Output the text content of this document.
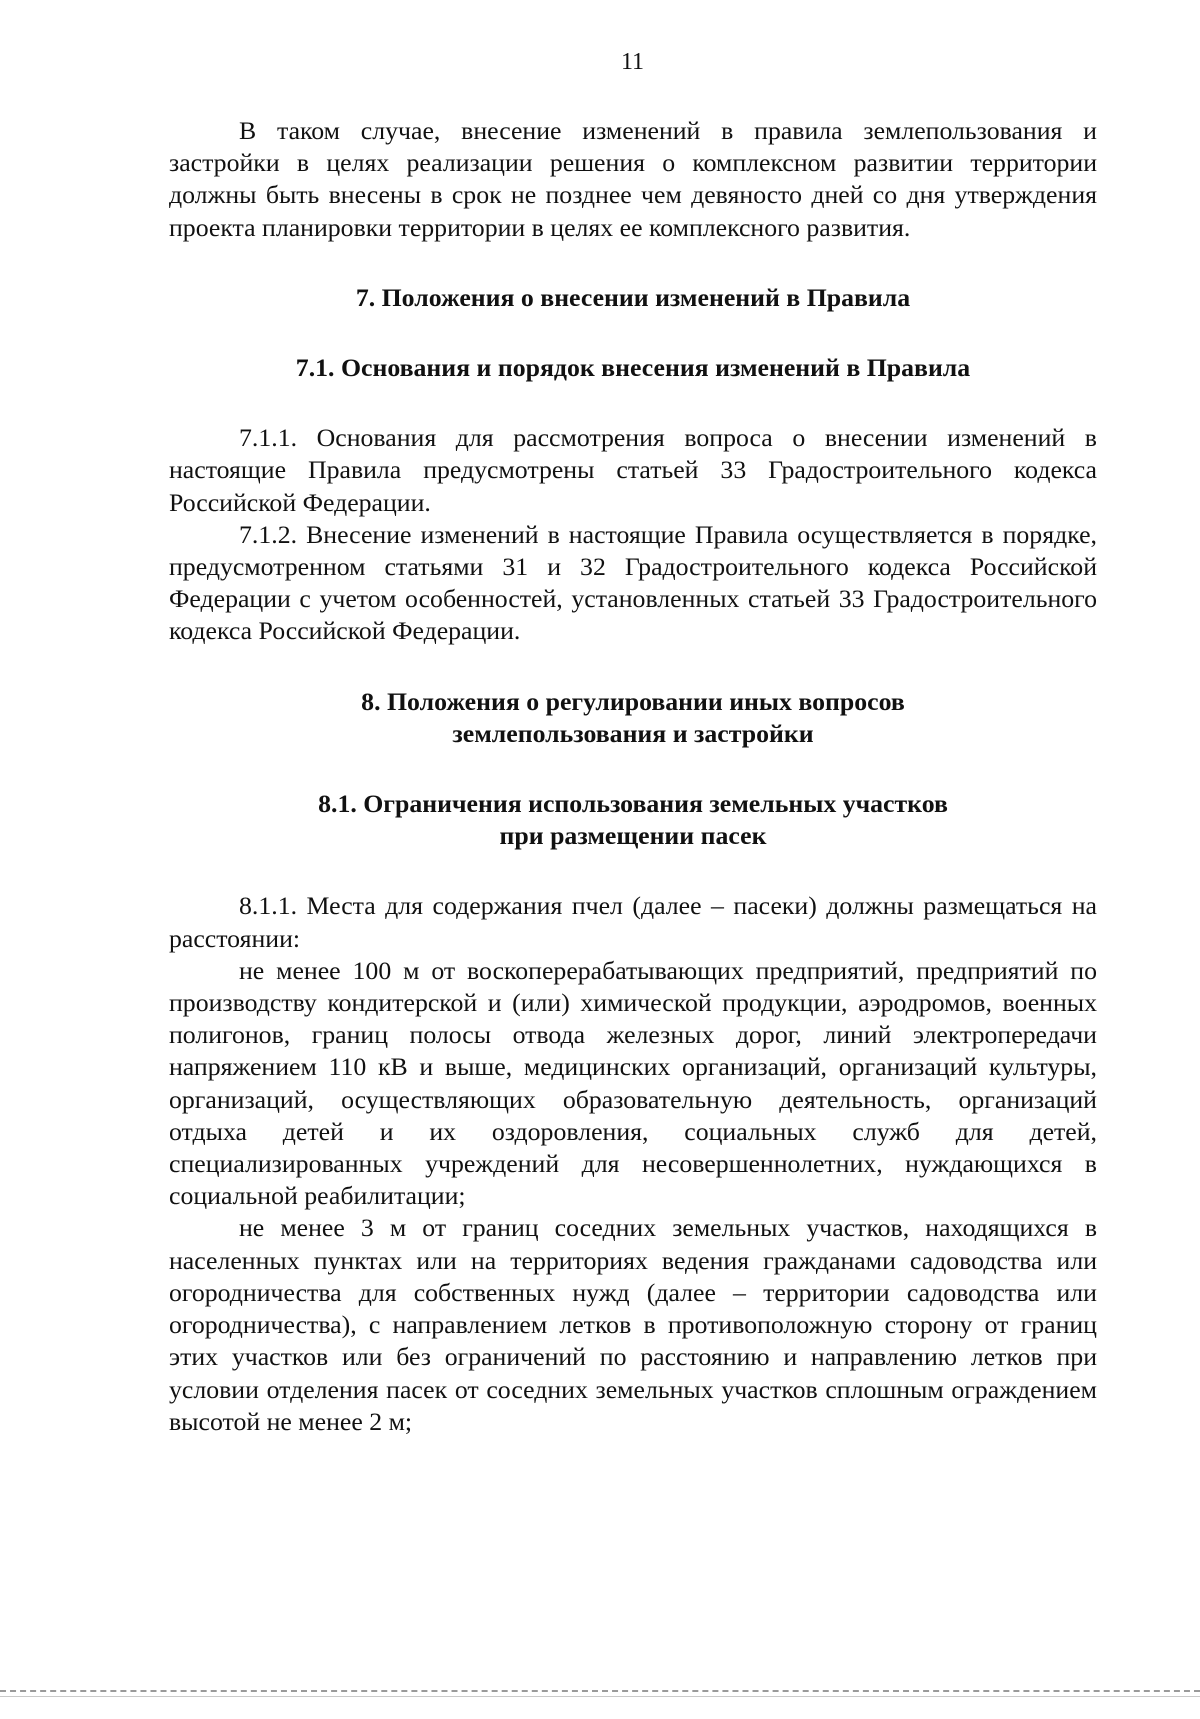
11

В таком случае, внесение изменений в правила землепользования и застройки в целях реализации решения о комплексном развитии территории должны быть внесены в срок не позднее чем девяносто дней со дня утверждения проекта планировки территории в целях ее комплексного развития.

7. Положения о внесении изменений в Правила
7.1. Основания и порядок внесения изменений в Правила

7.1.1. Основания для рассмотрения вопроса о внесении изменений в настоящие Правила предусмотрены статьей 33 Градостроительного кодекса Российской Федерации.

7.1.2. Внесение изменений в настоящие Правила осуществляется в порядке, предусмотренном статьями 31 и 32 Градостроительного кодекса Российской Федерации с учетом особенностей, установленных статьей 33 Градостроительного кодекса Российской Федерации.

8. Положения о регулировании иных вопросов
землепользования и застройки
8.1. Ограничения использования земельных участков
при размещении пасек

8.1.1. Места для содержания пчел (далее – пасеки) должны размещаться на расстоянии:

не менее 100 м от воскоперерабатывающих предприятий, предприятий по производству кондитерской и (или) химической продукции, аэродромов, военных полигонов, границ полосы отвода железных дорог, линий электропередачи напряжением 110 кВ и выше, медицинских организаций, организаций культуры, организаций, осуществляющих образовательную деятельность, организаций отдыха детей и их оздоровления, социальных служб для детей, специализированных учреждений для несовершеннолетних, нуждающихся в социальной реабилитации;

не менее 3 м от границ соседних земельных участков, находящихся в населенных пунктах или на территориях ведения гражданами садоводства или огородничества для собственных нужд (далее – территории садоводства или огородничества), с направлением летков в противоположную сторону от границ этих участков или без ограничений по расстоянию и направлению летков при условии отделения пасек от соседних земельных участков сплошным ограждением высотой не менее 2 м;
